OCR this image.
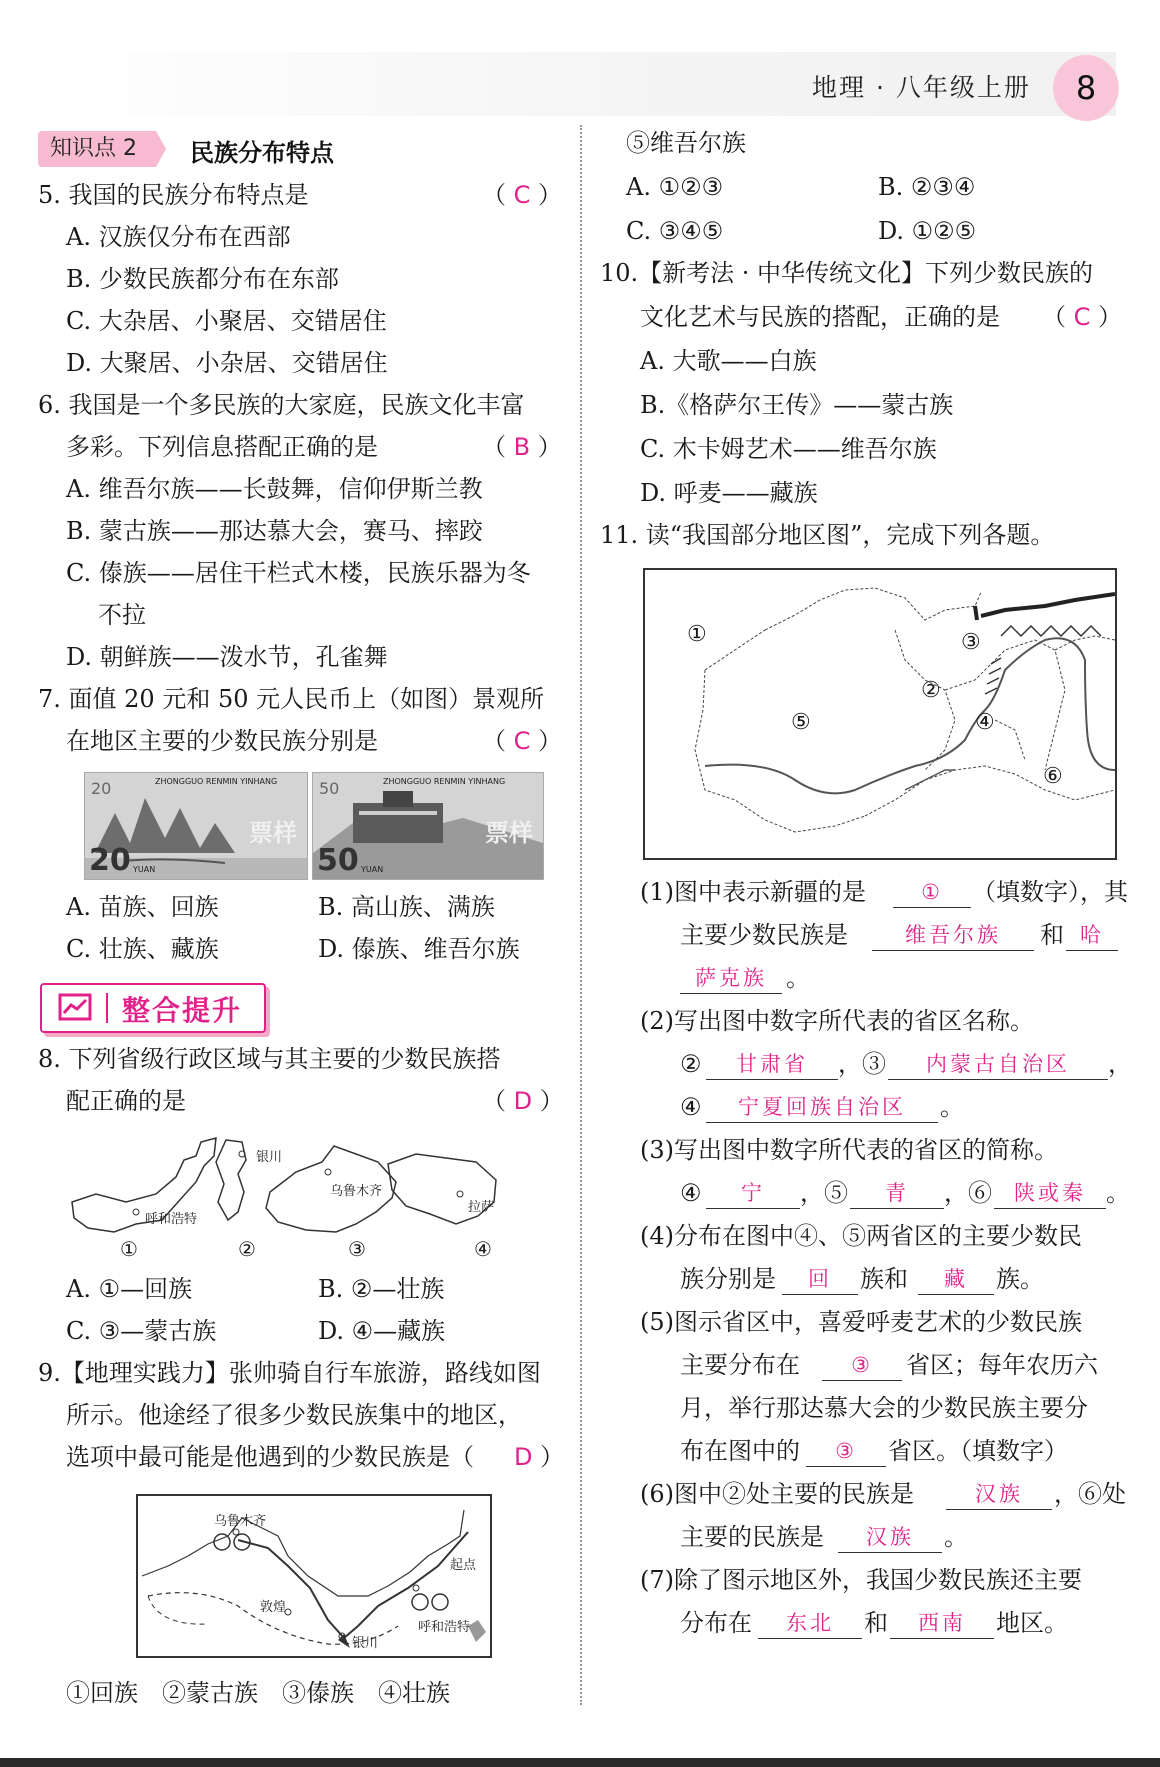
地理 · 八年级上册	8
知识点 2	民族分布特点
5. 我国的民族分布特点是	（ C ）
A. 汉族仅分布在西部
B. 少数民族都分布在东部
C. 大杂居、小聚居、交错居住
D. 大聚居、小杂居、交错居住
6. 我国是一个多民族的大家庭，民族文化丰富
多彩。下列信息搭配正确的是	（ B ）
A. 维吾尔族——长鼓舞，信仰伊斯兰教
B. 蒙古族——那达慕大会，赛马、摔跤
C. 傣族——居住干栏式木楼，民族乐器为冬
不拉
D. 朝鲜族——泼水节，孔雀舞
7. 面值 20 元和 50 元人民币上（如图）景观所
在地区主要的少数民族分别是	（ C ）
ZHONGGUO RENMIN YINHANG
20
20 YUAN
票样
ZHONGGUO RENMIN YINHANG
50
50 YUAN
票样
A. 苗族、回族	B. 高山族、满族
C. 壮族、藏族	D. 傣族、维吾尔族
整合提升
8. 下列省级行政区域与其主要的少数民族搭
配正确的是	（ D ）
呼和浩特
银川
乌鲁木齐
拉萨
①	②	③	④
A. ①—回族	B. ②—壮族
C. ③—蒙古族	D. ④—藏族
9.【地理实践力】张帅骑自行车旅游，路线如图
所示。他途经了很多少数民族集中的地区，
选项中最可能是他遇到的少数民族是（ D ）
乌鲁木齐
起点
敦煌
呼和浩特
银川
①回族　②蒙古族　③傣族　④壮族
⑤维吾尔族
A. ①②③	B. ②③④
C. ③④⑤	D. ①②⑤
10.【新考法 · 中华传统文化】下列少数民族的
文化艺术与民族的搭配，正确的是 （ C ）
A. 大歌——白族
B.《格萨尔王传》——蒙古族
C. 木卡姆艺术——维吾尔族
D. 呼麦——藏族
11. 读“我国部分地区图”，完成下列各题。
①
②
③
④
⑤
⑥
(1)图中表示新疆的是	①	（填数字），其
主要少数民族是	维吾尔族	和 哈
萨克族 。
(2)写出图中数字所代表的省区名称。
②	甘肃省	，③	内蒙古自治区	，
④	宁夏回族自治区	。
(3)写出图中数字所代表的省区的简称。
④	宁	，⑤	青	，⑥	陕或秦 。
(4)分布在图中④、⑤两省区的主要少数民
族分别是	回	族和	藏	族。
(5)图示省区中，喜爱呼麦艺术的少数民族
主要分布在	③	省区；每年农历六
月，举行那达慕大会的少数民族主要分
布在图中的	③	省区。（填数字）
(6)图中②处主要的民族是	汉族	，⑥处
主要的民族是	汉族	。
(7)除了图示地区外，我国少数民族还主要
分布在	东北	和	西南	地区。
